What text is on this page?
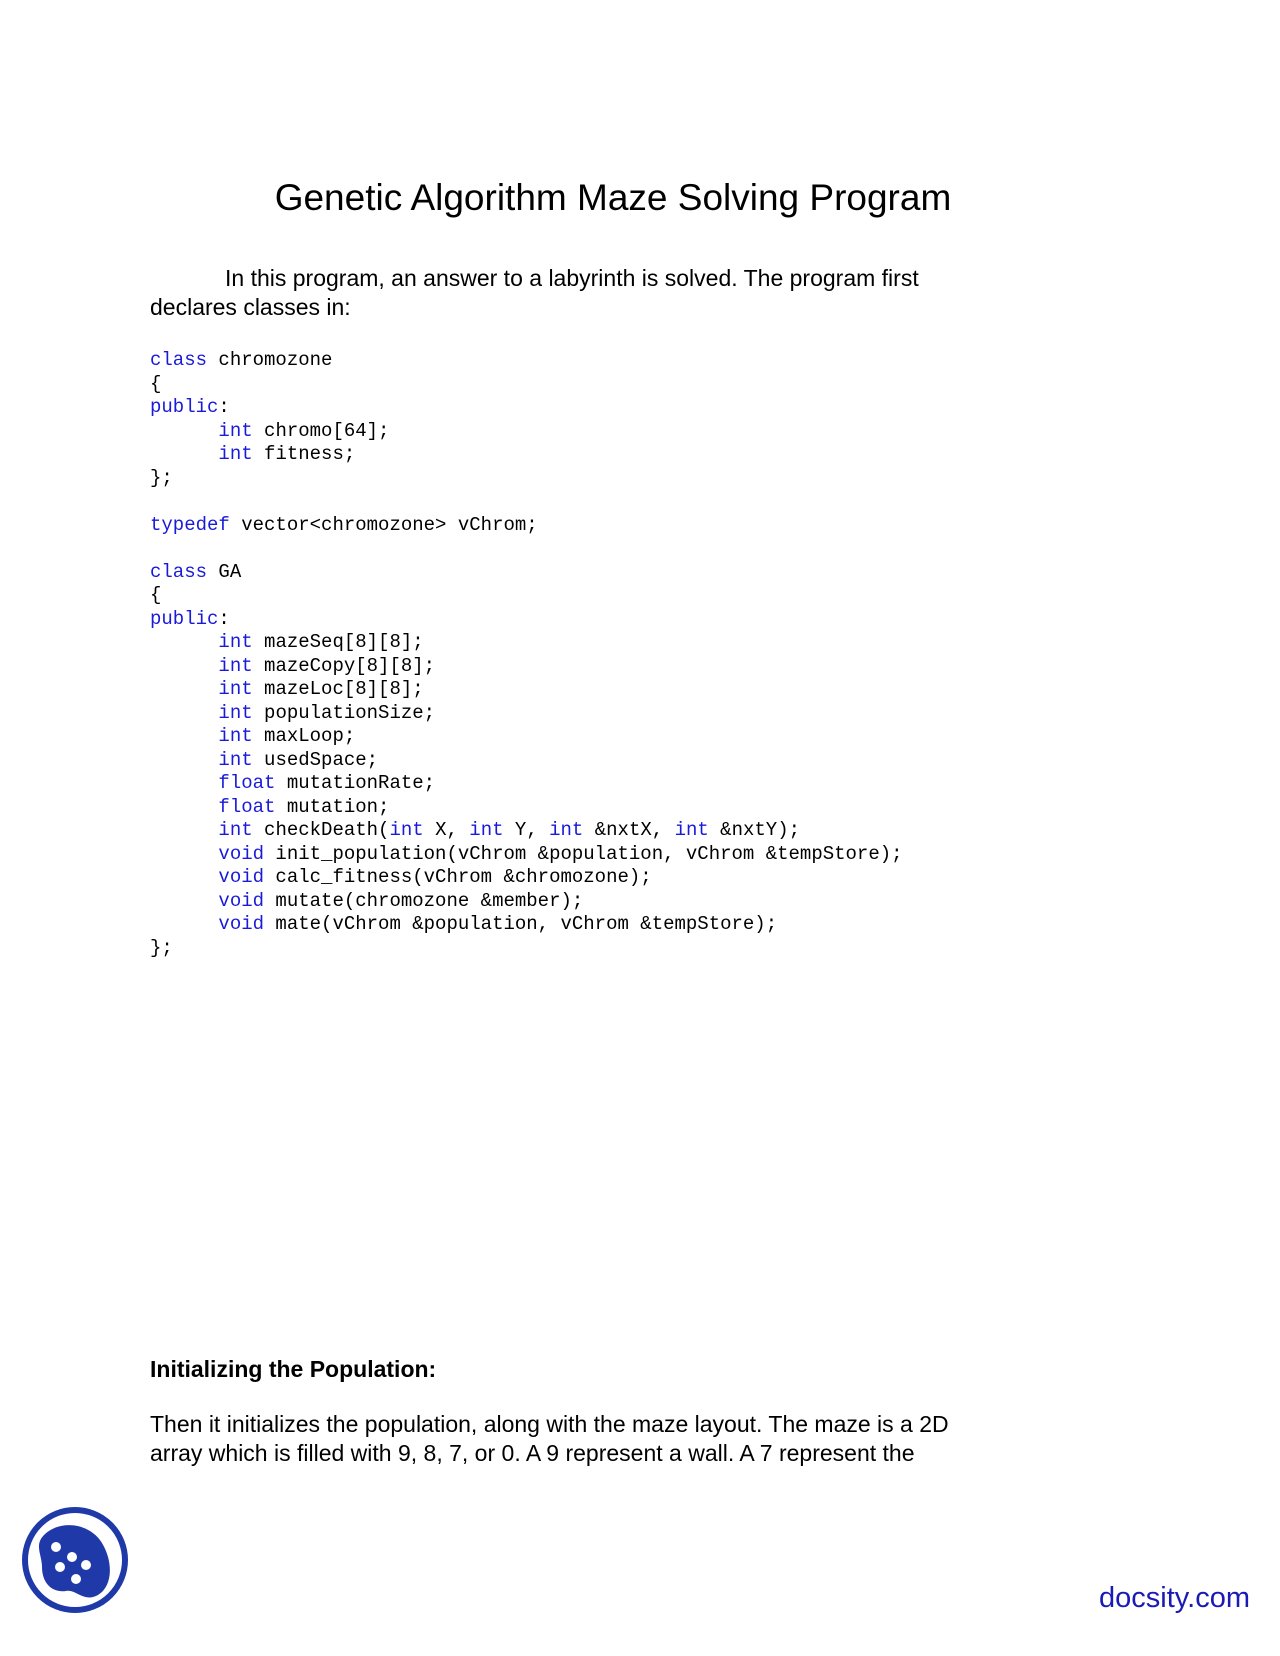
Genetic Algorithm Maze Solving Program
In this program, an answer to a labyrinth is solved. The program first
declares classes in:
class chromozone
{
public:
int chromo[64];
int fitness;
};

typedef vector<chromozone> vChrom;

class GA
{
public:
int mazeSeq[8][8];
int mazeCopy[8][8];
int mazeLoc[8][8];
int populationSize;
int maxLoop;
int usedSpace;
float mutationRate;
float mutation;
int checkDeath(int X, int Y, int &nxtX, int &nxtY);
void init_population(vChrom &population, vChrom &tempStore);
void calc_fitness(vChrom &chromozone);
void mutate(chromozone &member);
void mate(vChrom &population, vChrom &tempStore);
};
Initializing the Population:
Then it initializes the population, along with the maze layout. The maze is a 2D
array which is filled with 9, 8, 7, or 0. A 9 represent a wall. A 7 represent the
docsity.com
